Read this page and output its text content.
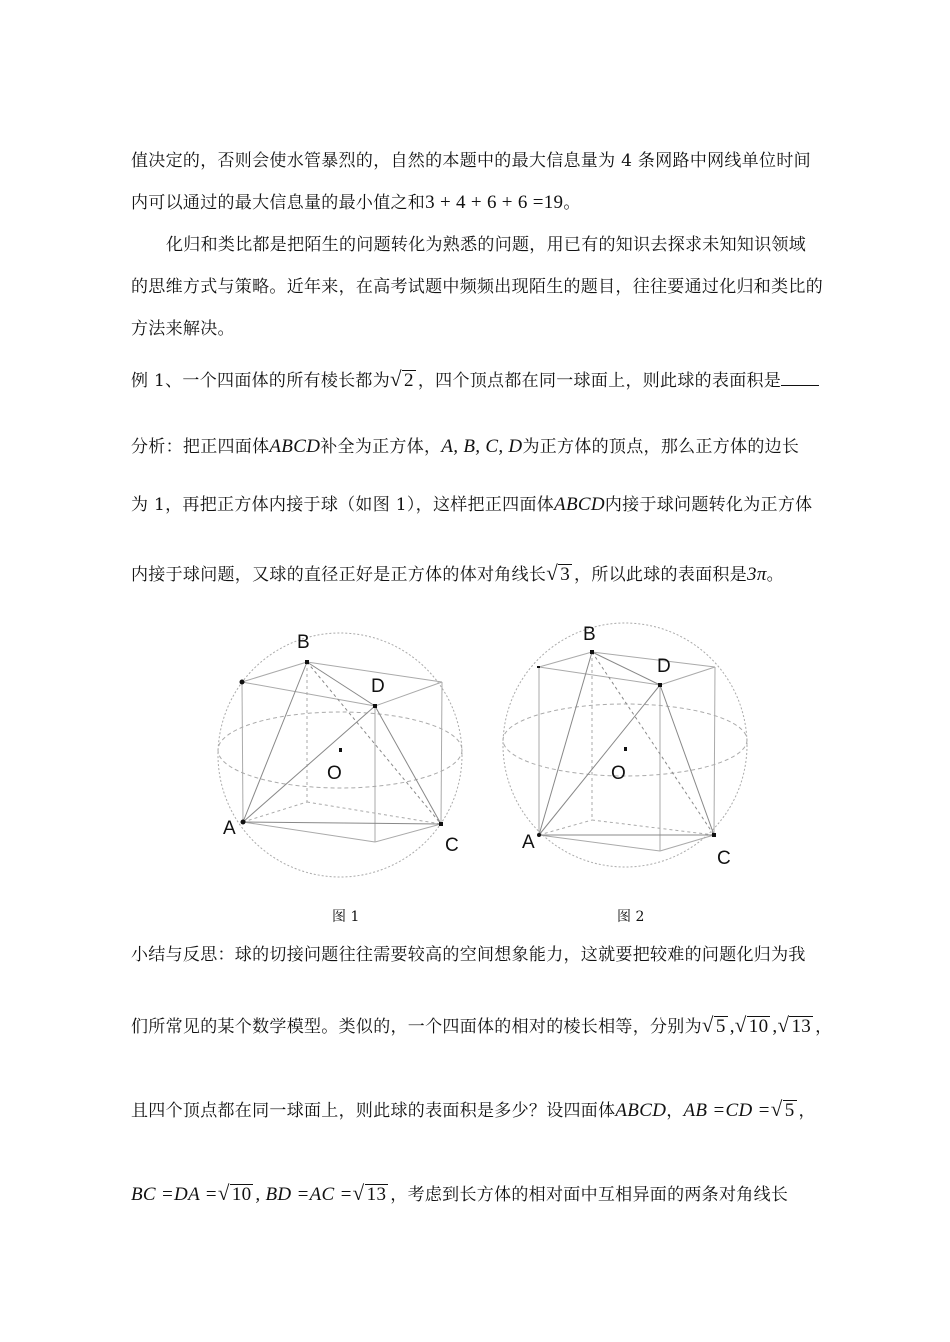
值决定的，否则会使水管暴烈的，自然的本题中的最大信息量为 4 条网路中网线单位时间
内可以通过的最大信息量的最小值之和3 + 4 + 6 + 6 =19。
化归和类比都是把陌生的问题转化为熟悉的问题，用已有的知识去探求未知知识领域
的思维方式与策略。近年来，在高考试题中频频出现陌生的题目，往往要通过化归和类比的
方法来解决。
例 1、一个四面体的所有棱长都为 √ 2 ，四个顶点都在同一球面上，则此球的表面积是
分析：把正四面体ABCD补全为正方体，A, B, C, D为正方体的顶点，那么正方体的边长
为 1，再把正方体内接于球（如图 1），这样把正四面体ABCD内接于球问题转化为正方体
内接于球问题，又球的直径正好是正方体的体对角线长 √ 3 ，所以此球的表面积是3π。
B
D
O
A
C
图 1
B
D
O
A
C
图 2
小结与反思：球的切接问题往往需要较高的空间想象能力，这就要把较难的问题化归为我
们所常见的某个数学模型。类似的，一个四面体的相对的棱长相等，分别为 √ 5 , √ 10 , √ 13 ，
且四个顶点都在同一球面上，则此球的表面积是多少？设四面体ABCD，AB =CD = √ 5 ，
BC =DA = √ 10 , BD =AC = √ 13 ，考虑到长方体的相对面中互相异面的两条对角线长
